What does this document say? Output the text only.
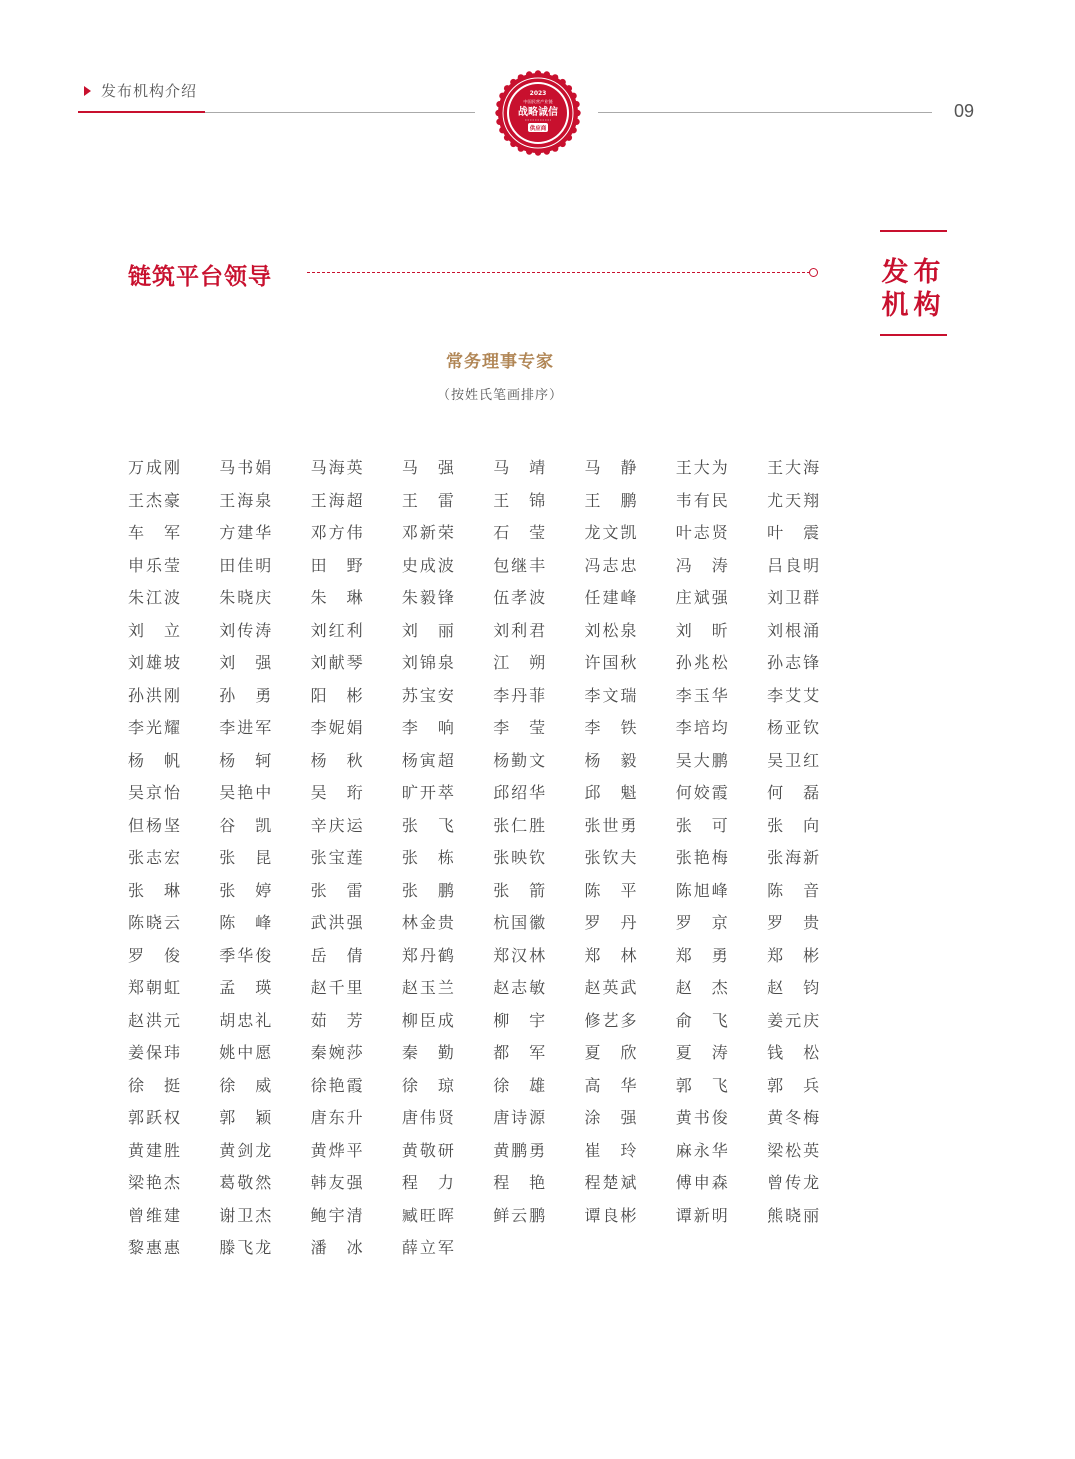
发布机构介绍
09
2023
中国民营产业链
战略诚信
供应商
发布
机构
链筑平台领导
常务理事专家
（按姓氏笔画排序）
万成刚 马书娟 马海英 马强 马靖 马静 王大为 王大海
王杰豪 王海泉 王海超 王雷 王锦 王鹏 韦有民 尤天翔
车军 方建华 邓方伟 邓新荣 石莹 龙文凯 叶志贤 叶震
申乐莹 田佳明 田野 史成波 包继丰 冯志忠 冯涛 吕良明
朱江波 朱晓庆 朱琳 朱毅锋 伍孝波 任建峰 庄斌强 刘卫群
刘立 刘传涛 刘红利 刘丽 刘利君 刘松泉 刘昕 刘根涌
刘雄坡 刘强 刘献琴 刘锦泉 江朔 许国秋 孙兆松 孙志锋
孙洪刚 孙勇 阳彬 苏宝安 李丹菲 李文瑞 李玉华 李艾艾
李光耀 李进军 李妮娟 李响 李莹 李铁 李培均 杨亚钦
杨帆 杨轲 杨秋 杨寅超 杨勤文 杨毅 吴大鹏 吴卫红
吴京怡 吴艳中 吴珩 旷开萃 邱绍华 邱魁 何姣霞 何磊
但杨坚 谷凯 辛庆运 张飞 张仁胜 张世勇 张可 张向
张志宏 张昆 张宝莲 张栋 张映钦 张钦夫 张艳梅 张海新
张琳 张婷 张雷 张鹏 张箭 陈平 陈旭峰 陈音
陈晓云 陈峰 武洪强 林金贵 杭国徽 罗丹 罗京 罗贵
罗俊 季华俊 岳倩 郑丹鹤 郑汉林 郑林 郑勇 郑彬
郑朝虹 孟瑛 赵千里 赵玉兰 赵志敏 赵英武 赵杰 赵钧
赵洪元 胡忠礼 茹芳 柳臣成 柳宇 修艺多 俞飞 姜元庆
姜保玮 姚中愿 秦婉莎 秦勤 都军 夏欣 夏涛 钱松
徐挺 徐威 徐艳霞 徐琼 徐雄 高华 郭飞 郭兵
郭跃权 郭颖 唐东升 唐伟贤 唐诗源 涂强 黄书俊 黄冬梅
黄建胜 黄剑龙 黄烨平 黄敬研 黄鹏勇 崔玲 麻永华 梁松英
梁艳杰 葛敬然 韩友强 程力 程艳 程楚斌 傅申森 曾传龙
曾维建 谢卫杰 鲍宇清 臧旺晖 鲜云鹏 谭良彬 谭新明 熊晓丽
黎惠惠 滕飞龙 潘冰 薛立军
